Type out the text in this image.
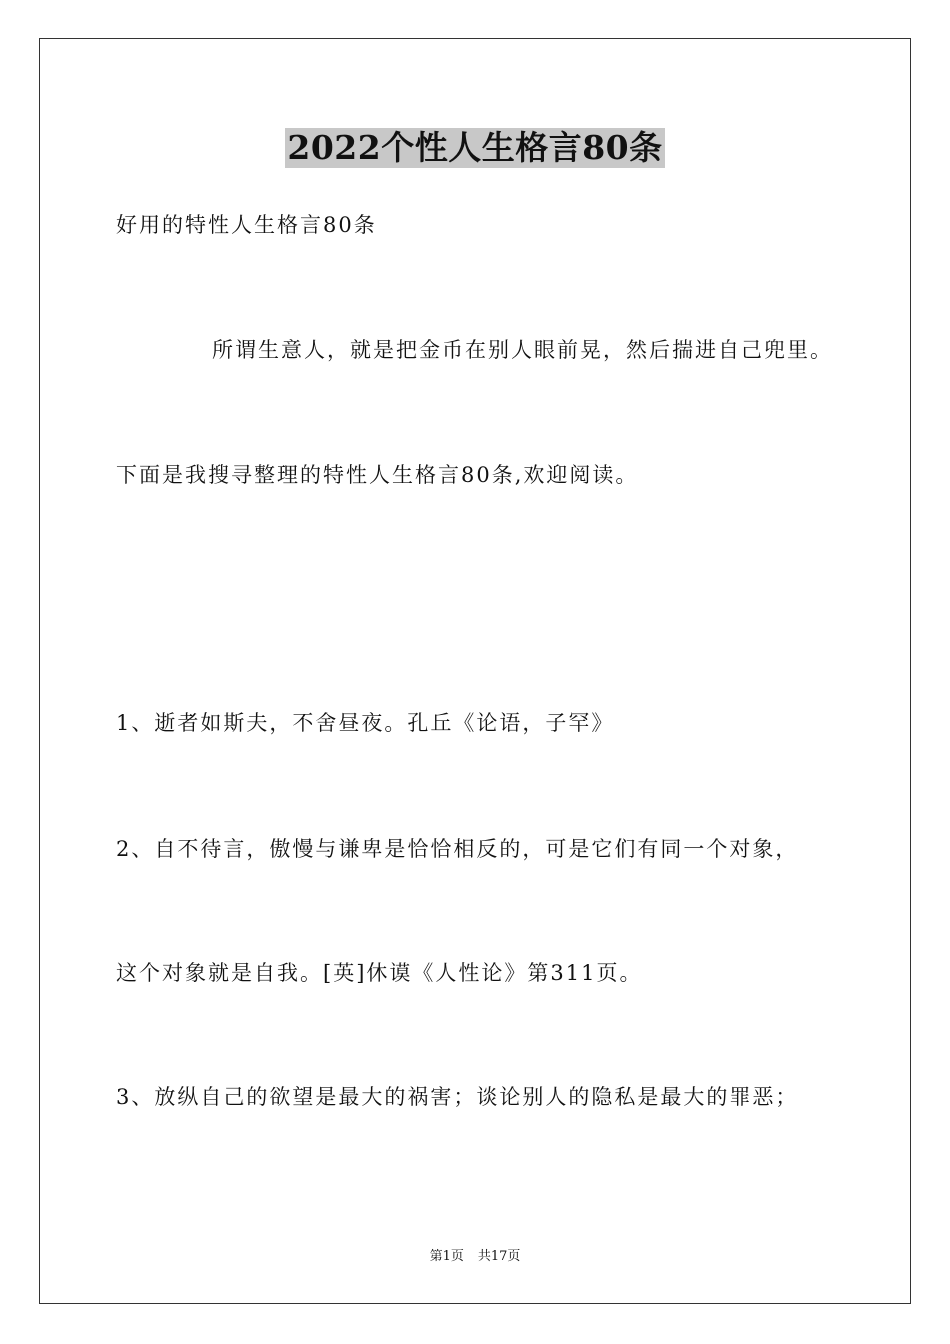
2022个性人生格言80条
好用的特性人生格言80条
所谓生意人，就是把金币在别人眼前晃，然后揣进自己兜里。
下面是我搜寻整理的特性人生格言80条,欢迎阅读。
1、逝者如斯夫，不舍昼夜。孔丘《论语，子罕》
2、自不待言，傲慢与谦卑是恰恰相反的，可是它们有同一个对象，
这个对象就是自我。[英]休谟《人性论》第311页。
3、放纵自己的欲望是最大的祸害；谈论别人的隐私是最大的罪恶；
第1页 共17页
